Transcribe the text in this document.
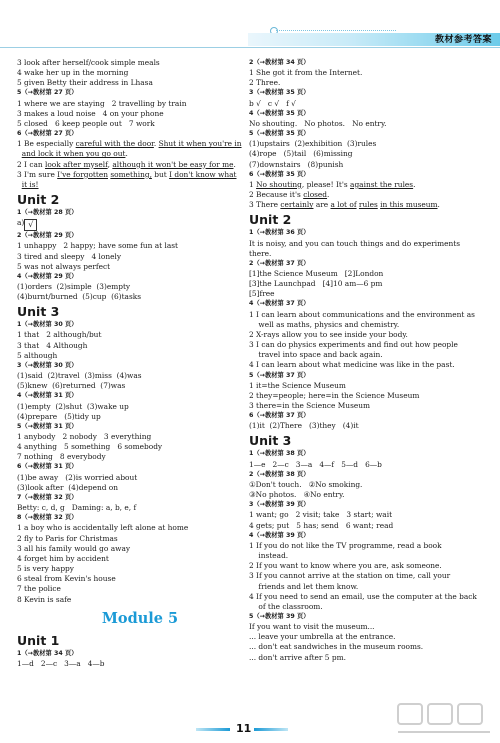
教材参考答案
3 look after herself/cook simple meals
4 wake her up in the morning
5 given Betty their address in Lhasa
5（→教材第 27 页）
1 where we are staying   2 travelling by train
3 makes a loud noise   4 on your phone
5 closed   6 keep people out   7 work
6（→教材第 27 页）
1 Be especially careful with the door. Shut it when you're in
and lock it when you go out.
2 I can look after myself, although it won't be easy for me.
3 I'm sure I've forgotten something, but I don't know what
it is!
Unit 2
1（→教材第 28 页）
a) √
2（→教材第 29 页）
1 unhappy   2 happy; have some fun at last
3 tired and sleepy   4 lonely
5 was not always perfect
4（→教材第 29 页）
(1)orders  (2)simple  (3)empty
(4)burnt/burned  (5)cup  (6)tasks
Unit 3
1（→教材第 30 页）
1 that   2 although/but
3 that   4 Although
5 although
3（→教材第 30 页）
(1)said  (2)travel  (3)miss  (4)was
(5)knew  (6)returned  (7)was
4（→教材第 31 页）
(1)empty  (2)shut  (3)wake up
(4)prepare   (5)tidy up
5（→教材第 31 页）
1 anybody   2 nobody   3 everything
4 anything   5 something   6 somebody
7 nothing   8 everybody
6（→教材第 31 页）
(1)be away   (2)is worried about
(3)look after  (4)depend on
7（→教材第 32 页）
Betty: c, d, g   Daming: a, b, e, f
8（→教材第 32 页）
1 a boy who is accidentally left alone at home
2 fly to Paris for Christmas
3 all his family would go away
4 forget him by accident
5 is very happy
6 steal from Kevin's house
7 the police
8 Kevin is safe
Module 5
Unit 1
1（→教材第 34 页）
1—d   2—c   3—a   4—b
2（→教材第 34 页）
1 She got it from the Internet.
2 Three.
3（→教材第 35 页）
b √   c √   f √
4（→教材第 35 页）
No shouting.   No photos.   No entry.
5（→教材第 35 页）
(1)upstairs  (2)exhibition  (3)rules
(4)rope   (5)tail   (6)missing
(7)downstairs   (8)punish
6（→教材第 35 页）
1 No shouting, please! It's against the rules.
2 Because it's closed.
3 There certainly are a lot of rules in this museum.
Unit 2
1（→教材第 36 页）
It is noisy, and you can touch things and do experiments
there.
2（→教材第 37 页）
[1]the Science Museum   [2]London
[3]the Launchpad   [4]10 am—6 pm
[5]free
4（→教材第 37 页）
1 I can learn about communications and the environment as
well as maths, physics and chemistry.
2 X-rays allow you to see inside your body.
3 I can do physics experiments and find out how people
travel into space and back again.
4 I can learn about what medicine was like in the past.
5（→教材第 37 页）
1 it=the Science Museum
2 they=people; here=in the Science Museum
3 there=in the Science Museum
6（→教材第 37 页）
(1)it  (2)There   (3)they   (4)it
Unit 3
1（→教材第 38 页）
1—e   2—c   3—a   4—f   5—d   6—b
2（→教材第 38 页）
①Don't touch.   ②No smoking.
③No photos.   ④No entry.
3（→教材第 39 页）
1 want; go   2 visit; take   3 start; wait
4 gets; put   5 has; send   6 want; read
4（→教材第 39 页）
1 If you do not like the TV programme, read a book
instead.
2 If you want to know where you are, ask someone.
3 If you cannot arrive at the station on time, call your
friends and let them know.
4 If you need to send an email, use the computer at the back
of the classroom.
5（→教材第 39 页）
If you want to visit the museum...
... leave your umbrella at the entrance.
... don't eat sandwiches in the museum rooms.
... don't arrive after 5 pm.
11
